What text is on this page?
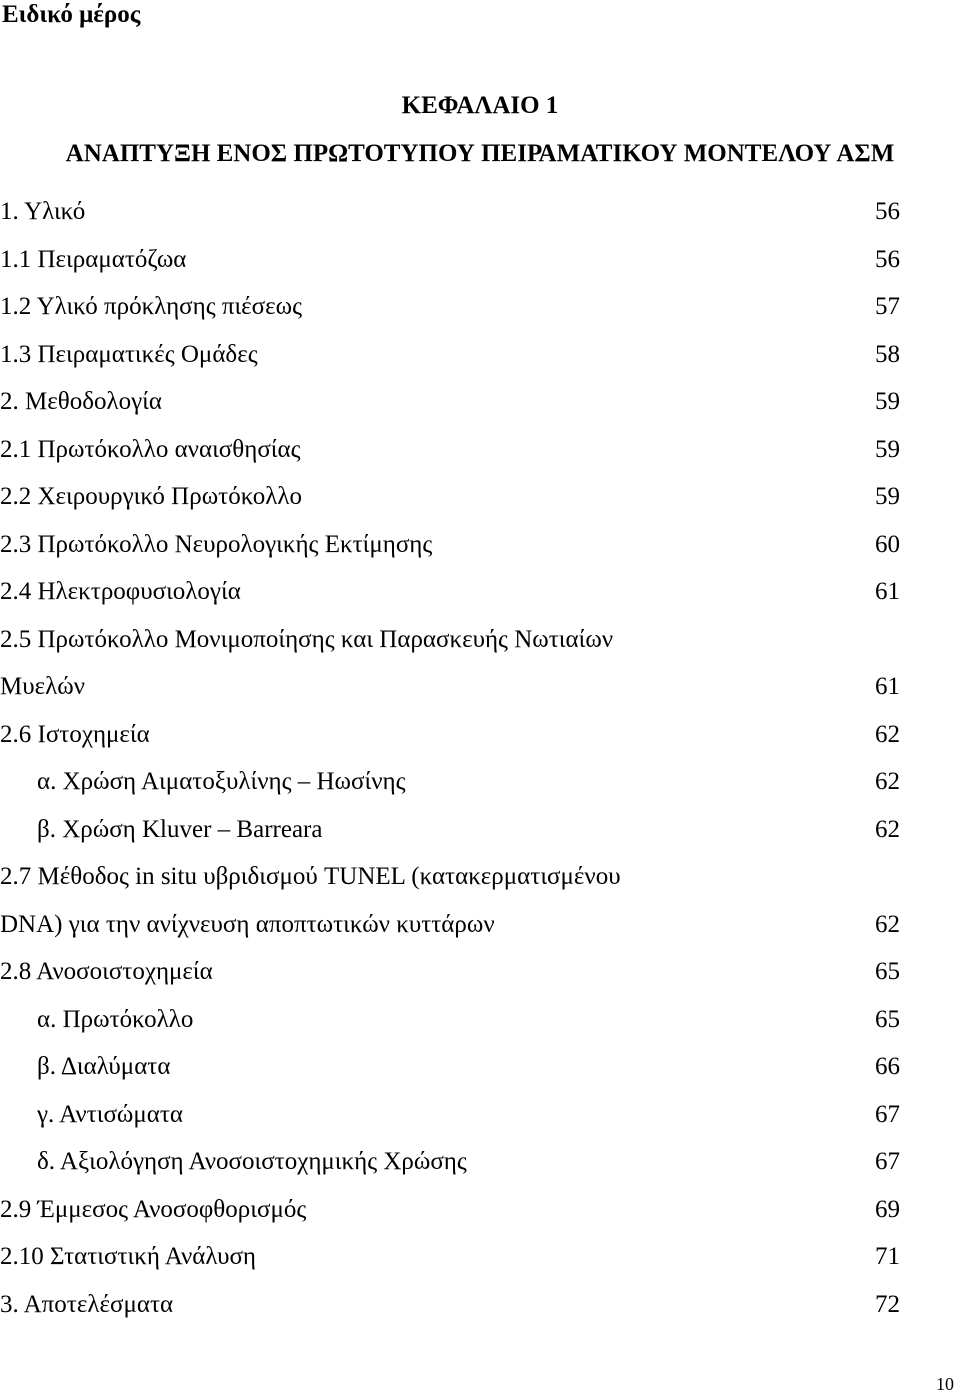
Ειδικό μέρος
ΚΕΦΑΛΑΙΟ 1
ΑΝΑΠΤΥΞΗ ΕΝΟΣ ΠΡΩΤΟΤΥΠΟΥ ΠΕΙΡΑΜΑΤΙΚΟΥ ΜΟΝΤΕΛΟΥ ΑΣΜ
1. Υλικό	56
1.1 Πειραματόζωα	56
1.2 Υλικό πρόκλησης πιέσεως	57
1.3 Πειραματικές Ομάδες	58
2. Μεθοδολογία	59
2.1 Πρωτόκολλο αναισθησίας	59
2.2 Χειρουργικό Πρωτόκολλο	59
2.3 Πρωτόκολλο Νευρολογικής Εκτίμησης	60
2.4 Ηλεκτροφυσιολογία	61
2.5 Πρωτόκολλο Μονιμοποίησης και Παρασκευής Νωτιαίων
Μυελών	61
2.6 Ιστοχημεία	62
α. Χρώση Αιματοξυλίνης – Ηωσίνης	62
β. Χρώση Kluver – Barreara	62
2.7 Μέθοδος in situ υβριδισμού TUNEL (κατακερματισμένου
DNA) για την ανίχνευση αποπτωτικών κυττάρων	62
2.8 Ανοσοιστοχημεία	65
α. Πρωτόκολλο	65
β. Διαλύματα	66
γ. Αντισώματα	67
δ. Αξιολόγηση Ανοσοιστοχημικής Χρώσης	67
2.9 Έμμεσος Ανοσοφθορισμός	69
2.10 Στατιστική Ανάλυση	71
3. Αποτελέσματα	72
10
